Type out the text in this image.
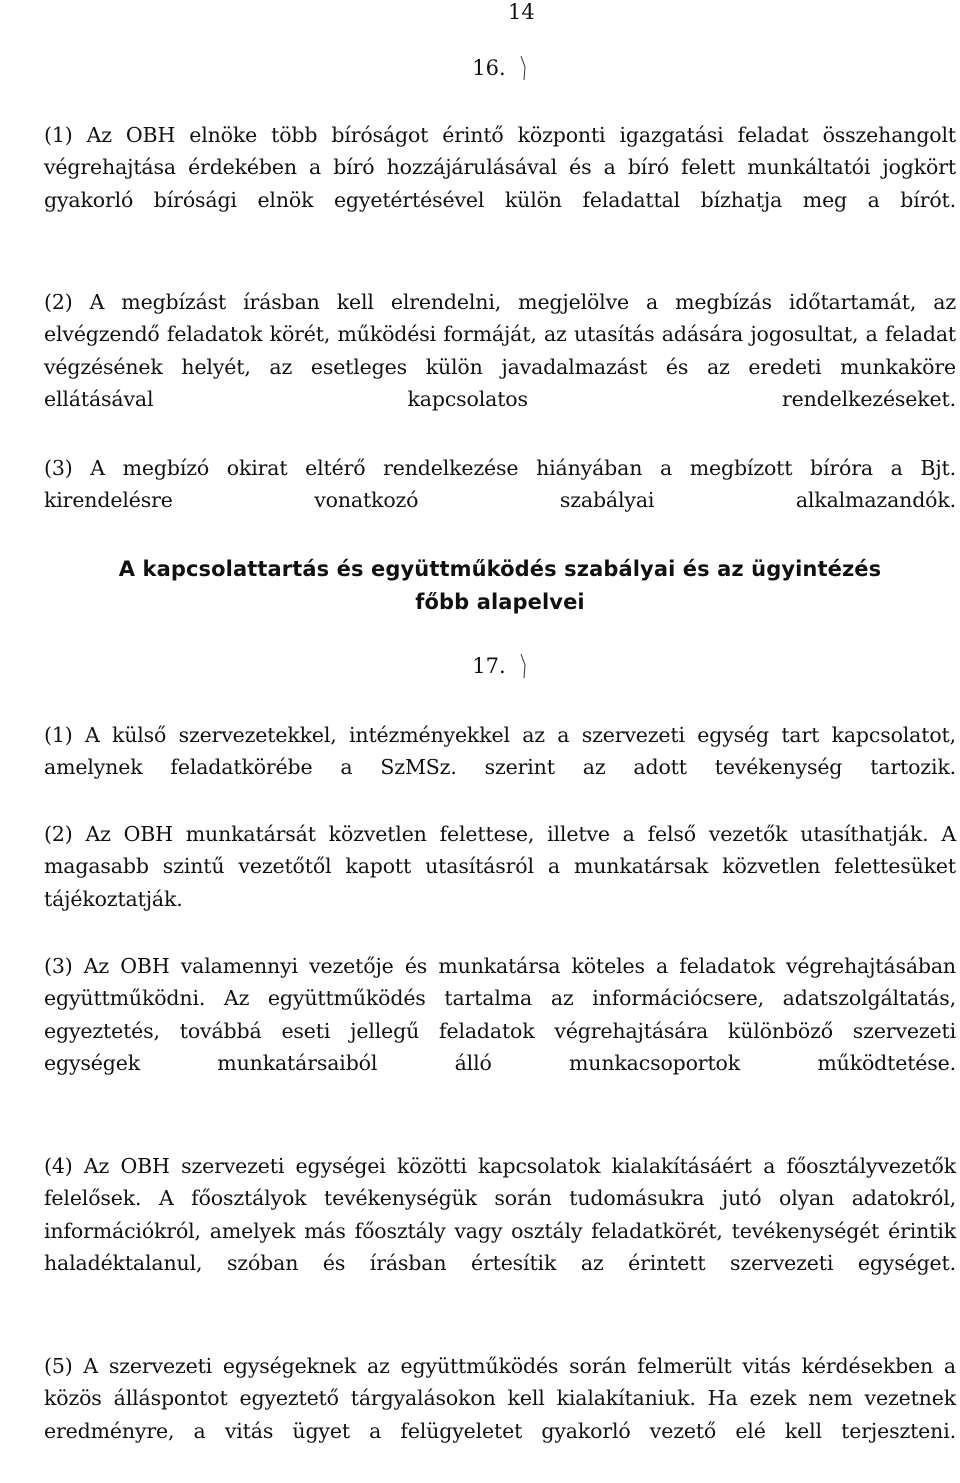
14
16.

(1) Az OBH elnöke több bíróságot érintő központi igazgatási feladat összehangolt végrehajtása érdekében a bíró hozzájárulásával és a bíró felett munkáltatói jogkört gyakorló bírósági elnök egyetértésével külön feladattal bízhatja meg a bírót.

(2) A megbízást írásban kell elrendelni, megjelölve a megbízás időtartamát, az elvégzendő feladatok körét, működési formáját, az utasítás adására jogosultat, a feladat végzésének helyét, az esetleges külön javadalmazást és az eredeti munkaköre ellátásával kapcsolatos rendelkezéseket.

(3) A megbízó okirat eltérő rendelkezése hiányában a megbízott bíróra a Bjt. kirendelésre vonatkozó szabályai alkalmazandók.

A kapcsolattartás és együttműködés szabályai és az ügyintézés főbb alapelvei

17.

(1) A külső szervezetekkel, intézményekkel az a szervezeti egység tart kapcsolatot, amelynek feladatkörébe a SzMSz. szerint az adott tevékenység tartozik.

(2) Az OBH munkatársát közvetlen felettese, illetve a felső vezetők utasíthatják. A magasabb szintű vezetőtől kapott utasításról a munkatársak közvetlen felettesüket tájékoztatják.

(3) Az OBH valamennyi vezetője és munkatársa köteles a feladatok végrehajtásában együttműködni. Az együttműködés tartalma az információcsere, adatszolgáltatás, egyeztetés, továbbá eseti jellegű feladatok végrehajtására különböző szervezeti egységek munkatársaiból álló munkacsoportok működtetése.

(4) Az OBH szervezeti egységei közötti kapcsolatok kialakításáért a főosztályvezetők felelősek. A főosztályok tevékenységük során tudomásukra jutó olyan adatokról, információkról, amelyek más főosztály vagy osztály feladatkörét, tevékenységét érintik haladéktalanul, szóban és írásban értesítik az érintett szervezeti egységet.

(5) A szervezeti egységeknek az együttműködés során felmerült vitás kérdésekben a közös álláspontot egyeztető tárgyalásokon kell kialakítaniuk. Ha ezek nem vezetnek eredményre, a vitás ügyet a felügyeletet gyakorló vezető elé kell terjeszteni.
